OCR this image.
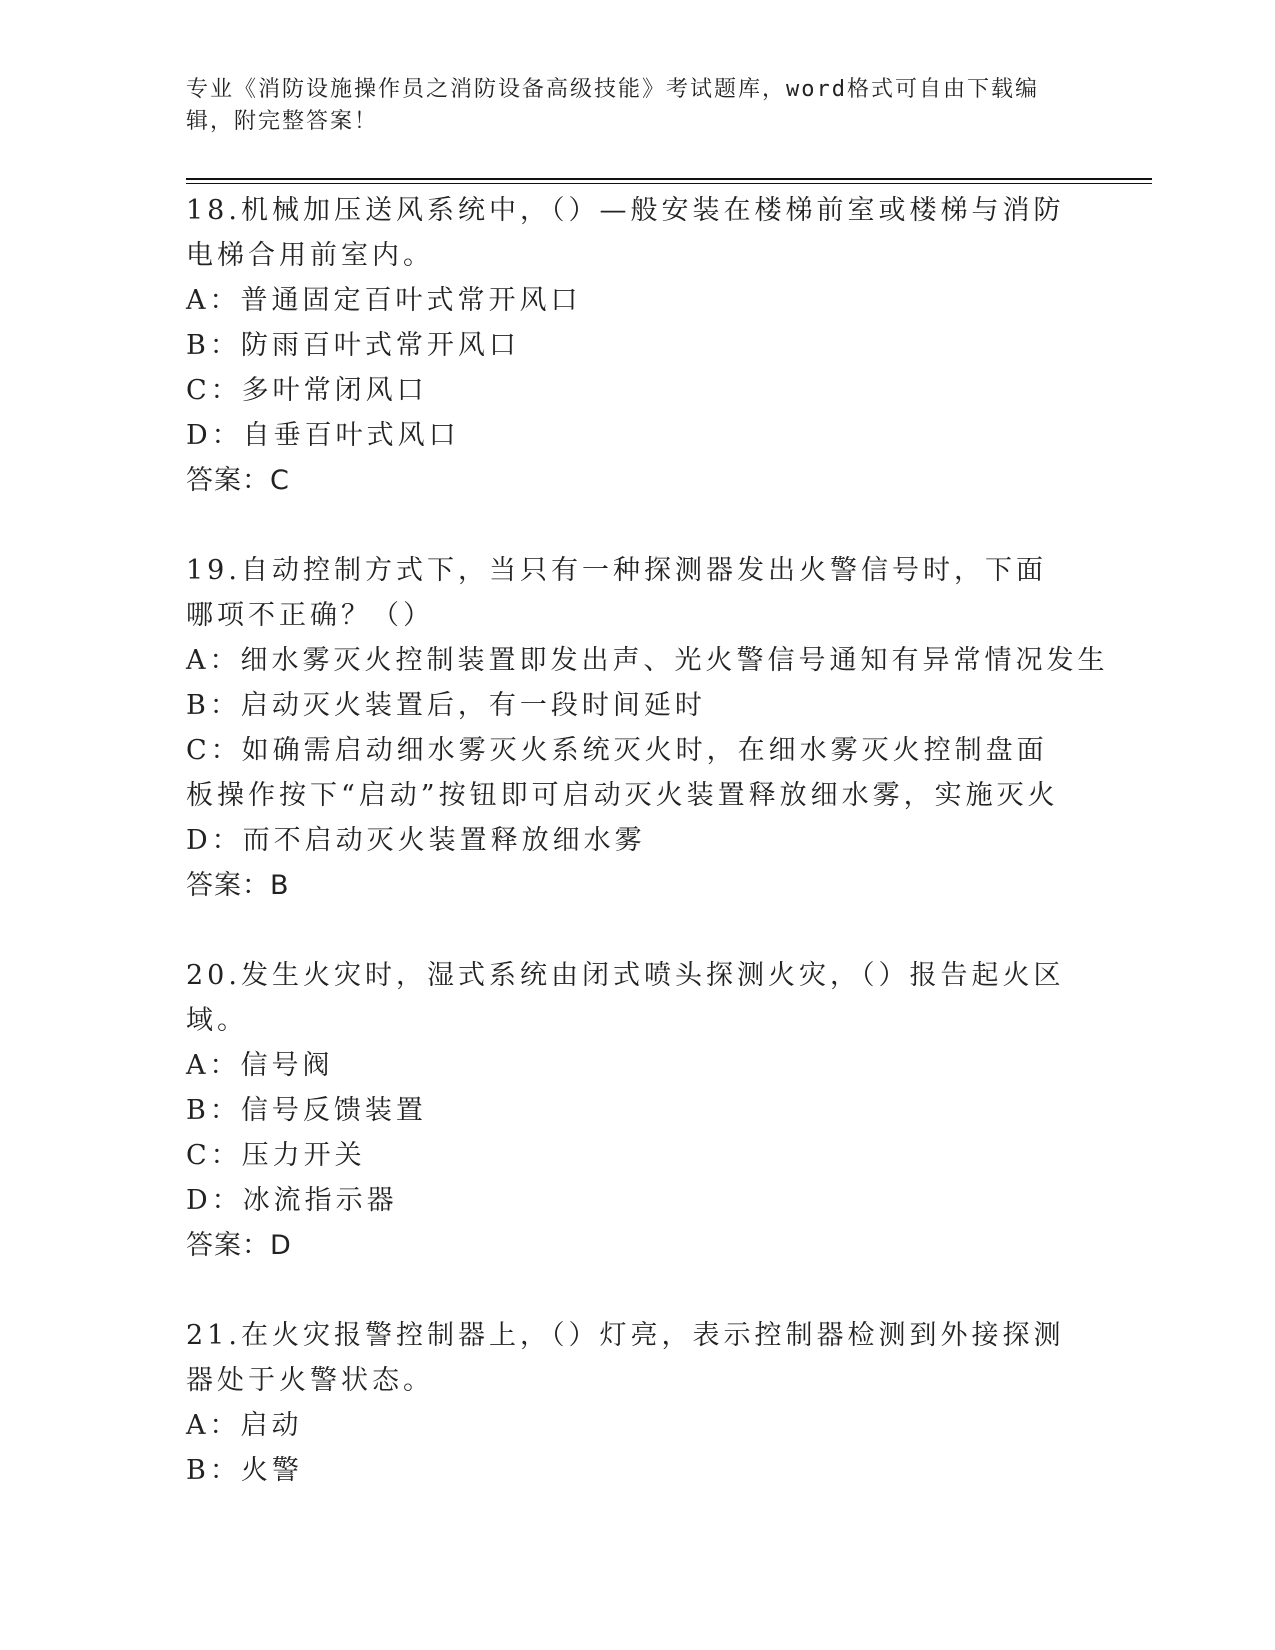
专业《消防设施操作员之消防设备高级技能》考试题库，word格式可自由下载编辑，附完整答案！

18.机械加压送风系统中，（）—般安装在楼梯前室或楼梯与消防电梯合用前室内。

A：普通固定百叶式常开风口

B：防雨百叶式常开风口

C：多叶常闭风口

D：自垂百叶式风口

答案：C

19.自动控制方式下，当只有一种探测器发出火警信号时，下面哪项不正确？（）

A：细水雾灭火控制装置即发出声、光火警信号通知有异常情况发生

B：启动灭火装置后，有一段时间延时

C：如确需启动细水雾灭火系统灭火时，在细水雾灭火控制盘面板操作按下“启动”按钮即可启动灭火装置释放细水雾，实施灭火

D：而不启动灭火装置释放细水雾

答案：B

20.发生火灾时，湿式系统由闭式喷头探测火灾，（）报告起火区域。

A：信号阀

B：信号反馈装置

C：压力开关

D：冰流指示器

答案：D

21.在火灾报警控制器上，（）灯亮，表示控制器检测到外接探测器处于火警状态。

A：启动

B：火警
